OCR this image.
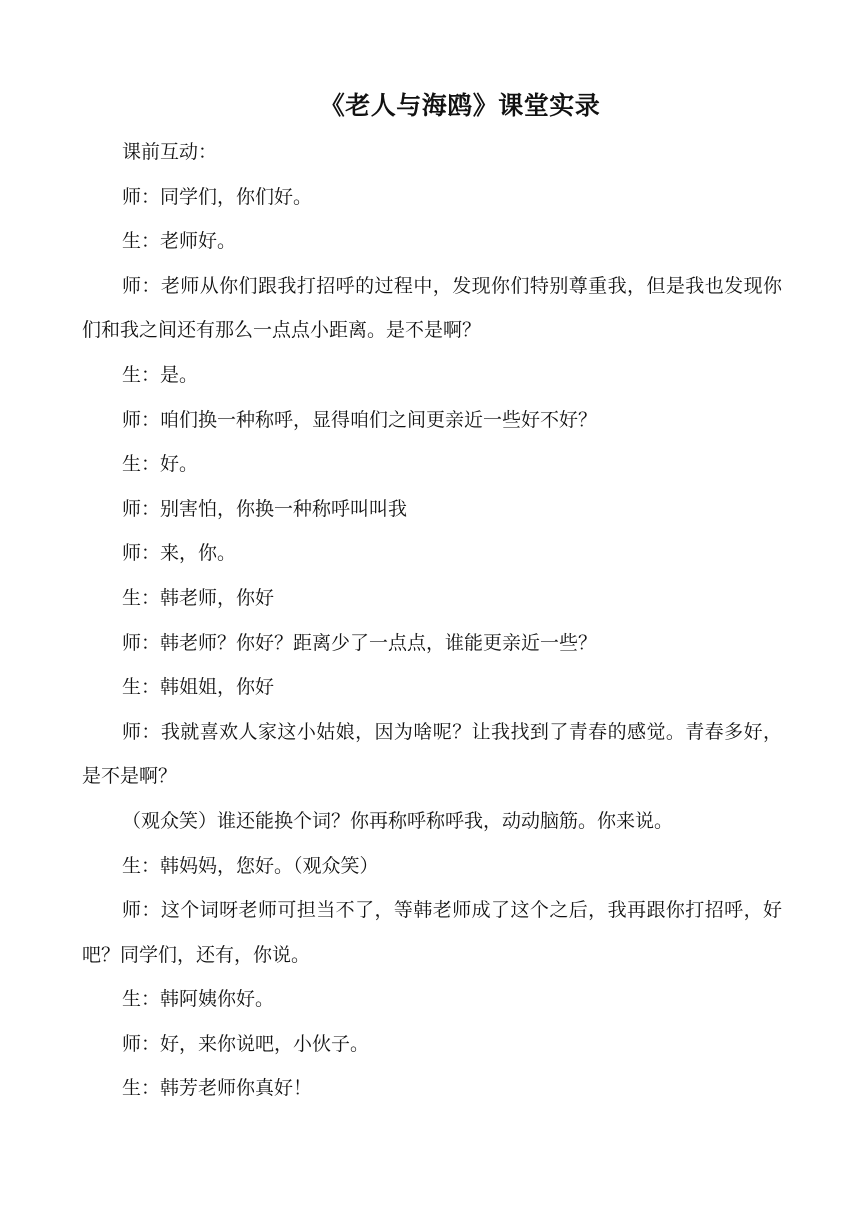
《老人与海鸥》课堂实录

课前互动：

师：同学们，你们好。

生：老师好。

师：老师从你们跟我打招呼的过程中，发现你们特别尊重我，但是我也发现你们和我之间还有那么一点点小距离。是不是啊？

生：是。

师：咱们换一种称呼，显得咱们之间更亲近一些好不好？

生：好。

师：别害怕，你换一种称呼叫叫我

师：来，你。

生：韩老师，你好

师：韩老师？你好？距离少了一点点，谁能更亲近一些？

生：韩姐姐，你好

师：我就喜欢人家这小姑娘，因为啥呢？让我找到了青春的感觉。青春多好，是不是啊？

（观众笑）谁还能换个词？你再称呼称呼我，动动脑筋。你来说。

生：韩妈妈，您好。（观众笑）

师：这个词呀老师可担当不了，等韩老师成了这个之后，我再跟你打招呼，好吧？同学们，还有，你说。

生：韩阿姨你好。

师：好，来你说吧，小伙子。

生：韩芳老师你真好！
